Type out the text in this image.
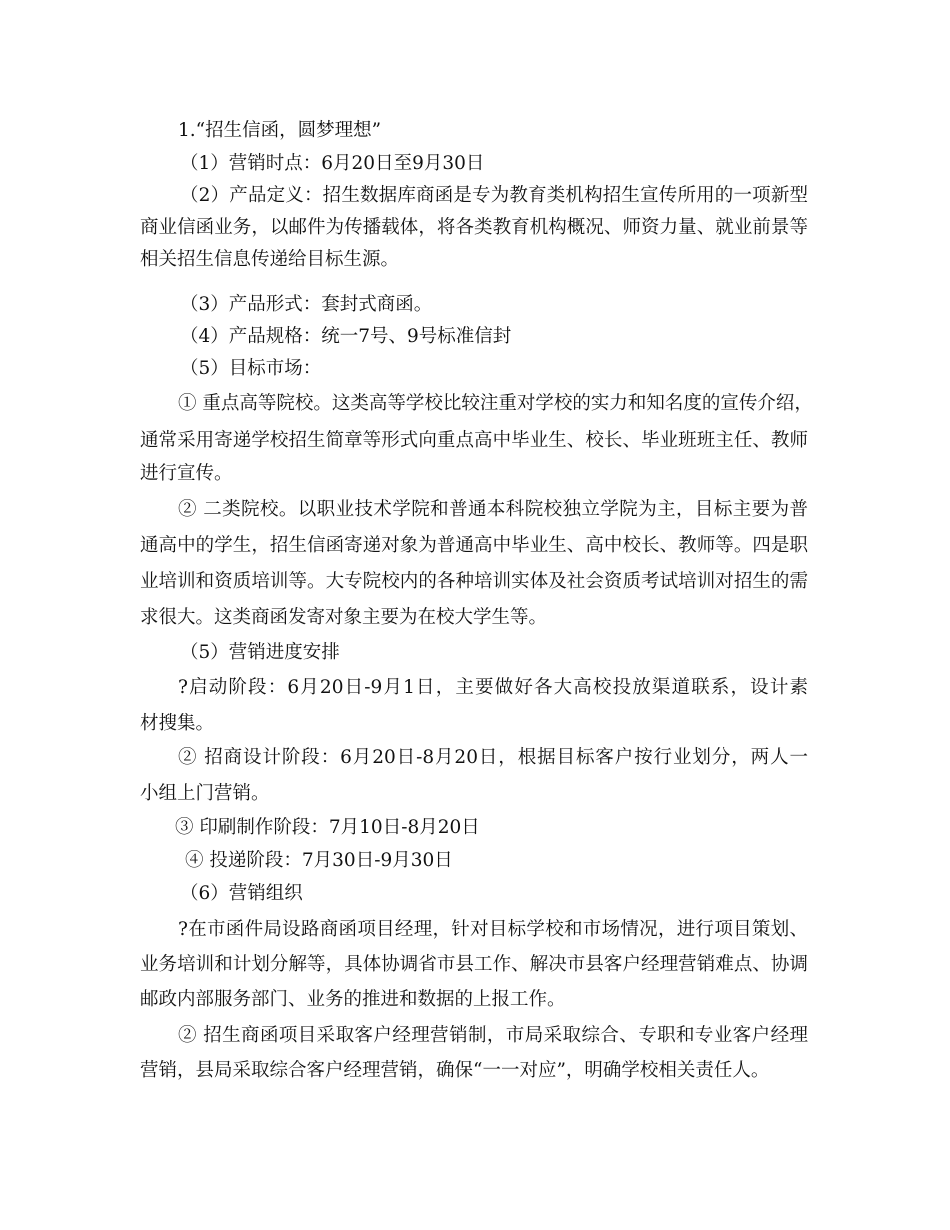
1.“招生信函，圆梦理想”
（1）营销时点：6月20日至9月30日
（2）产品定义：招生数据库商函是专为教育类机构招生宣传所用的一项新型
商业信函业务，以邮件为传播载体，将各类教育机构概况、师资力量、就业前景等
相关招生信息传递给目标生源。
（3）产品形式：套封式商函。
（4）产品规格：统一7号、9号标准信封
（5）目标市场：
① 重点高等院校。这类高等学校比较注重对学校的实力和知名度的宣传介绍，
通常采用寄递学校招生简章等形式向重点高中毕业生、校长、毕业班班主任、教师
进行宣传。
② 二类院校。以职业技术学院和普通本科院校独立学院为主，目标主要为普
通高中的学生，招生信函寄递对象为普通高中毕业生、高中校长、教师等。四是职
业培训和资质培训等。大专院校内的各种培训实体及社会资质考试培训对招生的需
求很大。这类商函发寄对象主要为在校大学生等。
（5）营销进度安排
?启动阶段：6月20日-9月1日，主要做好各大高校投放渠道联系，设计素
材搜集。
② 招商设计阶段：6月20日-8月20日，根据目标客户按行业划分，两人一
小组上门营销。
③ 印刷制作阶段：7月10日-8月20日
④ 投递阶段：7月30日-9月30日
（6）营销组织
?在市函件局设路商函项目经理，针对目标学校和市场情况，进行项目策划、
业务培训和计划分解等，具体协调省市县工作、解决市县客户经理营销难点、协调
邮政内部服务部门、业务的推进和数据的上报工作。
② 招生商函项目采取客户经理营销制，市局采取综合、专职和专业客户经理
营销，县局采取综合客户经理营销，确保“一一对应”，明确学校相关责任人。
